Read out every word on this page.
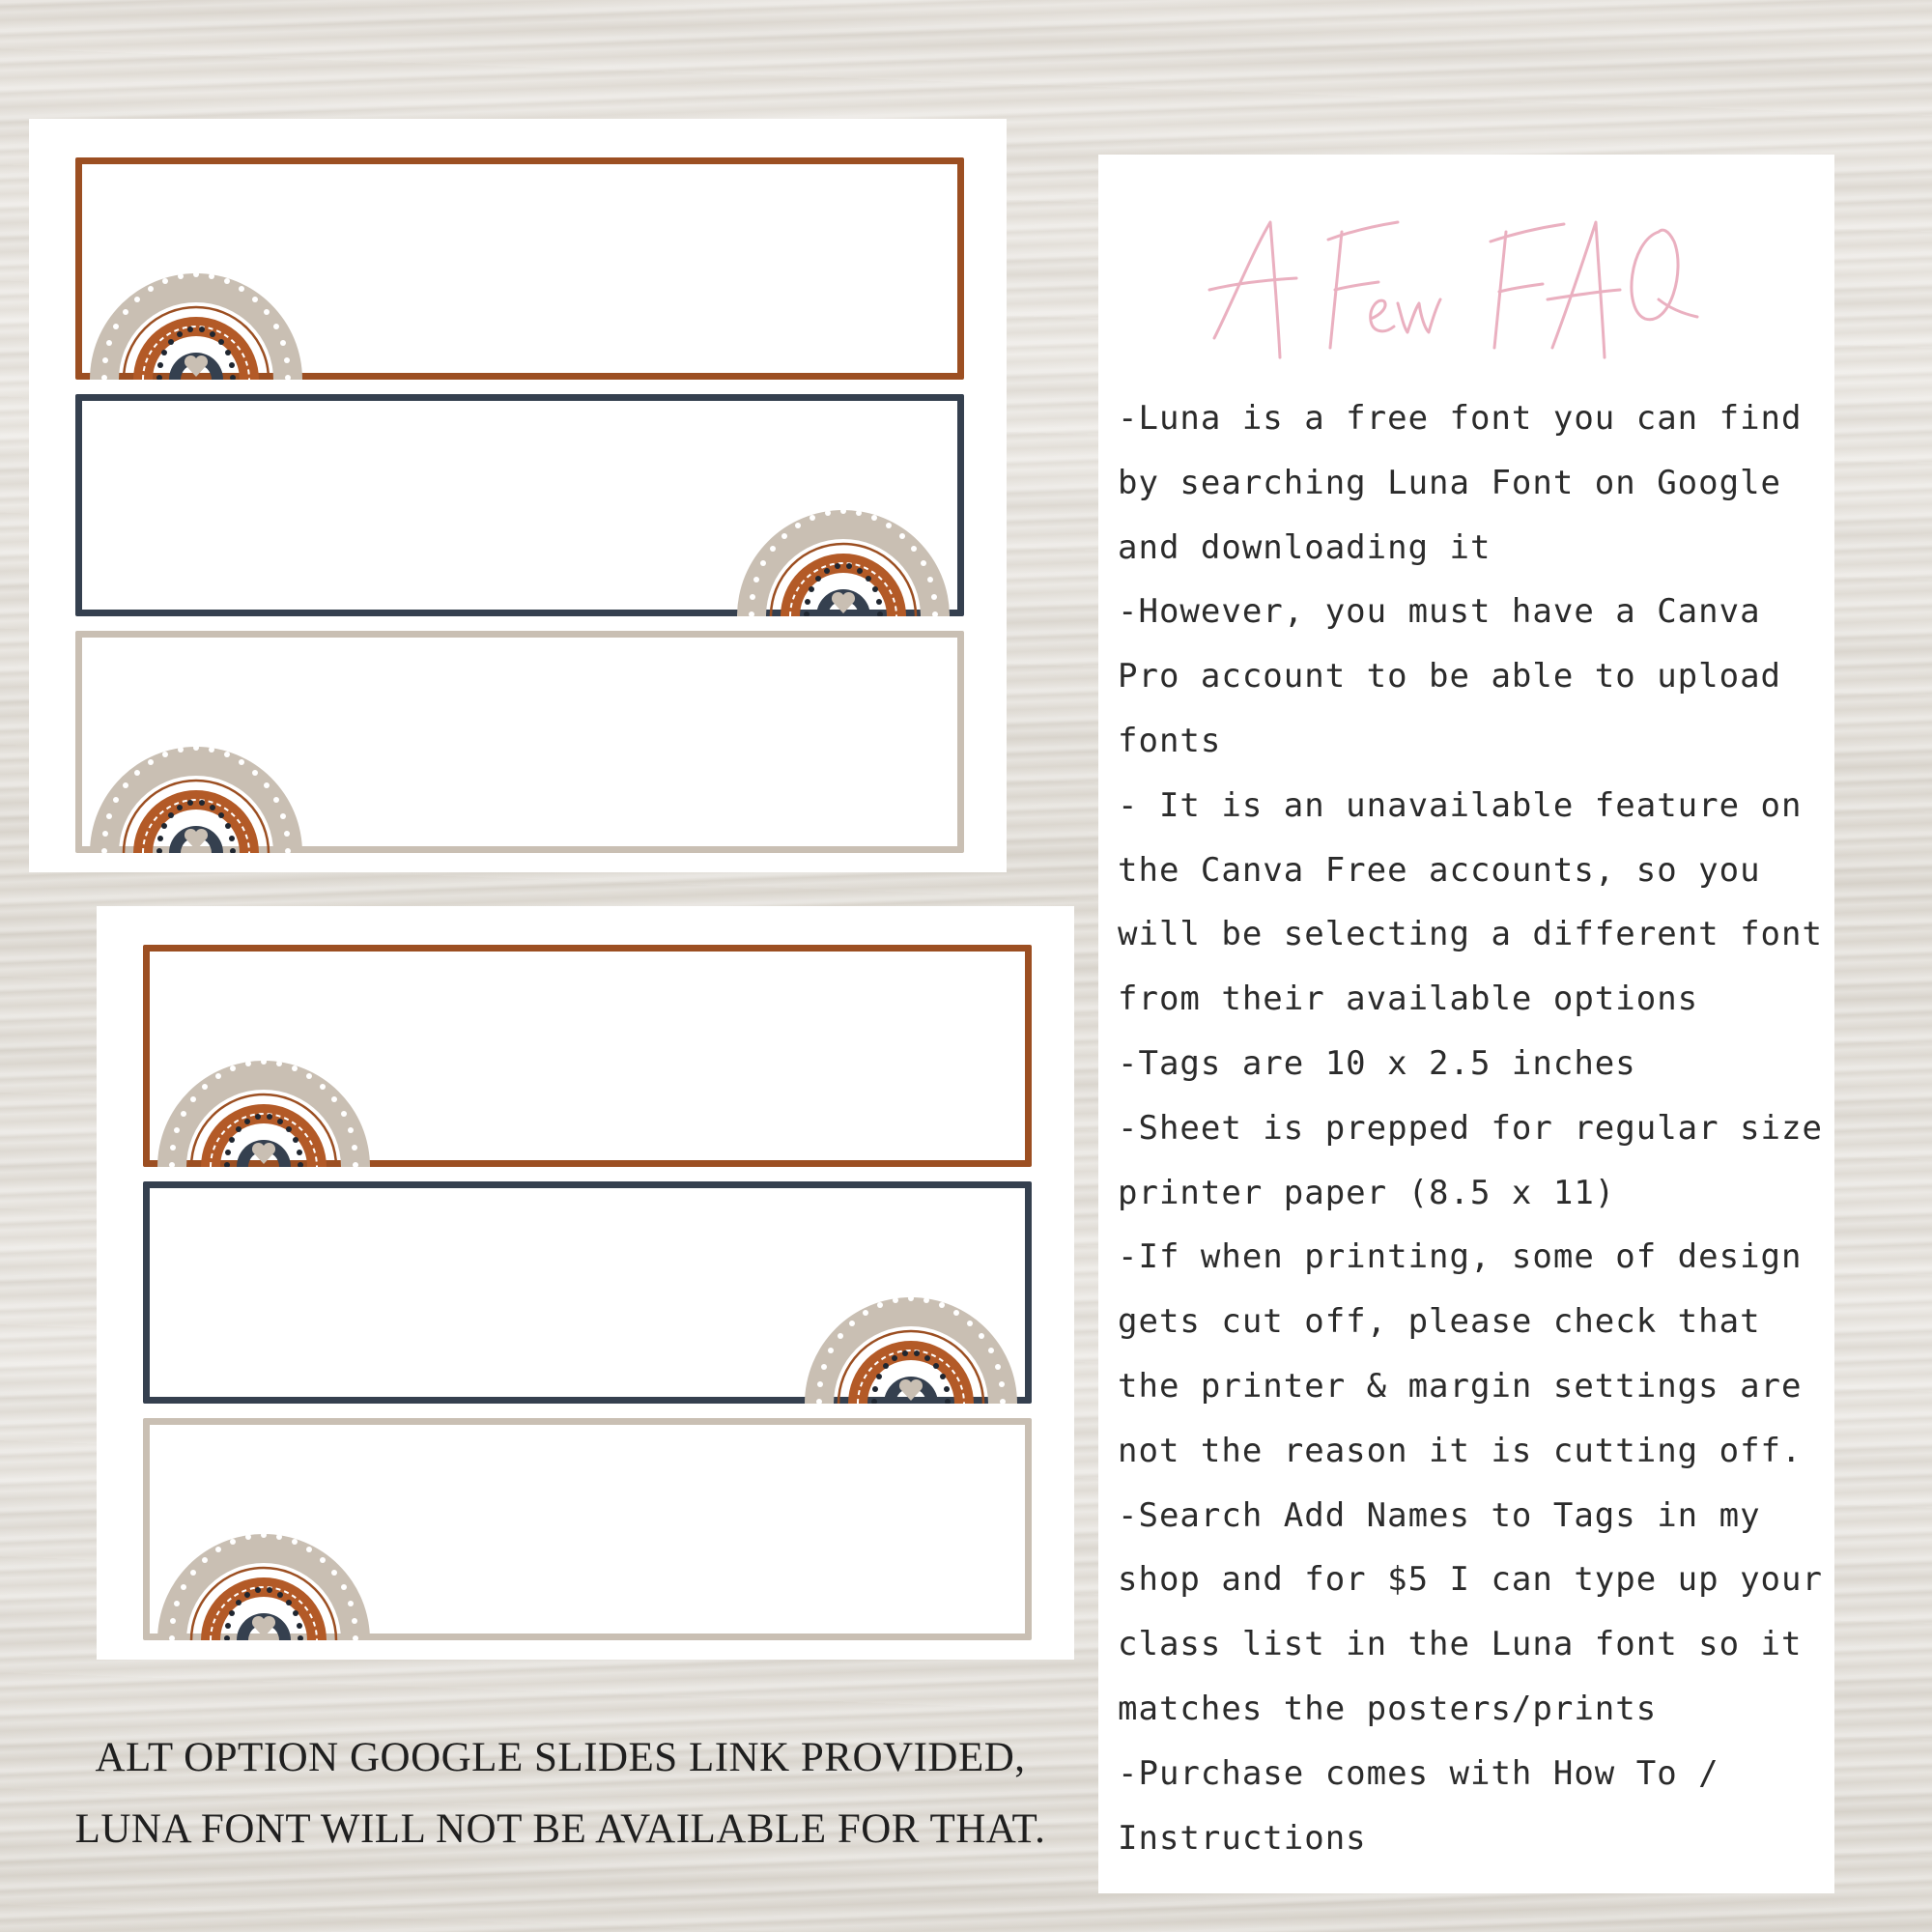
-Luna is a free font you can find by searching Luna Font on Google and downloading it
-However, you must have a Canva Pro account to be able to upload fonts
- It is an unavailable feature on the Canva Free accounts, so you will be selecting a different font from their available options
-Tags are 10 x 2.5 inches
-Sheet is prepped for regular size printer paper (8.5 x 11)
-If when printing, some of design gets cut off, please check that the printer & margin settings are not the reason it is cutting off.
-Search Add Names to Tags in my shop and for $5 I can type up your class list in the Luna font so it matches the posters/prints
-Purchase comes with How To / Instructions
ALT OPTION GOOGLE SLIDES LINK PROVIDED,
LUNA FONT WILL NOT BE AVAILABLE FOR THAT.
